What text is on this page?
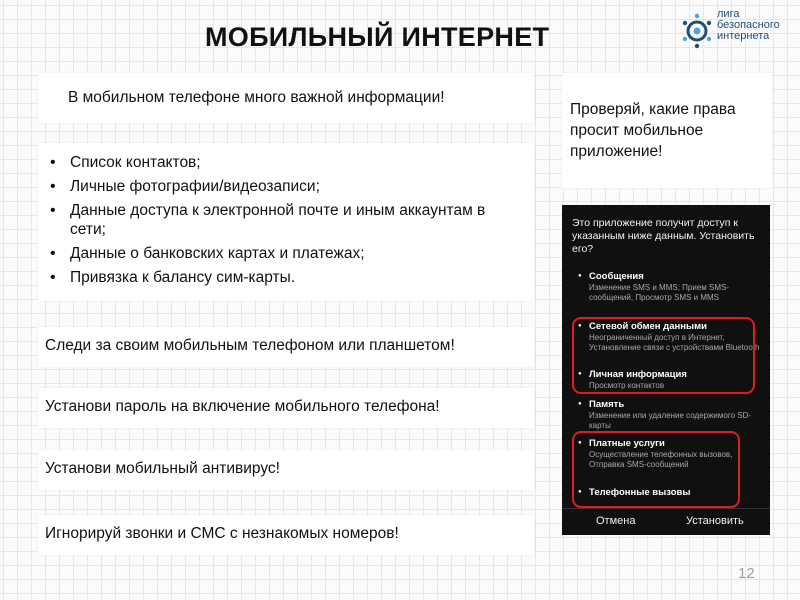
МОБИЛЬНЫЙ ИНТЕРНЕТ
лига
безопасного
интернета
В мобильном телефоне много важной информации!
• Список контактов;
• Личные фотографии/видеозаписи;
• Данные доступа к электронной почте и иным аккаунтам в сети;
• Данные о банковских картах и платежах;
• Привязка к балансу сим-карты.
Следи за своим мобильным телефоном или планшетом!
Установи пароль на включение мобильного телефона!
Установи мобильный антивирус!
Игнорируй звонки и СМС с незнакомых номеров!
Проверяй, какие права просит мобильное приложение!
Это приложение получит доступ к указанным ниже данным. Установить его?
● Сообщения
Изменение SMS и MMS, Прием SMS-сообщений, Просмотр SMS и MMS
● Сетевой обмен данными
Неограниченный доступ в Интернет, Установление связи с устройствами Bluetooth
● Личная информация
Просмотр контактов
● Память
Изменение или удаление содержимого SD-карты
● Платные услуги
Осуществление телефонных вызовов, Отправка SMS-сообщений
● Телефонные вызовы
Отмена	Установить
12
